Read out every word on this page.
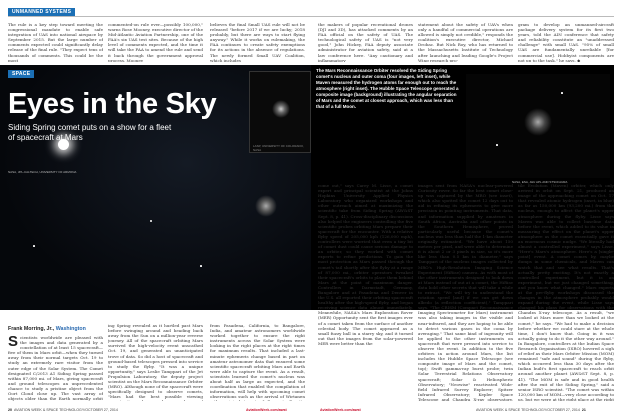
UNMANNED SYSTEMS

The rule is a key step toward meeting the congressional mandate to enable safe integration of UAS into national airspace by September 2015. But the large number of comments expected could significantly delay release of the final rule. "They expect tens of thousands of comments. This could be the most

commented-on rule ever—possibly 100,000," warns Rose Mooney, executive director of the Mid-Atlantic Aviation Partnership, one of the FAA's six UAS test sites. Because of the high level of comments expected, and the time it will take the FAA to amend the rule and send it back through the government approval process, Mooney

believes the final Small UAS rule will not be released "before 2017 if we are lucky; 2018 probably, but there are ways to start flying anyway." While it works on rulemaking, the FAA continues to create safety exemptions for its actions in the absence of regulations. The newly formed Small UAV Coalition, which includes

the makers of popular recreational drones (DJI and 3D), has attacked comments by an FAA official on the safety of UAS. The technological safety of UAS is "not very good," John Hickey, FAA deputy associate administrator for aviation safety, said at a law conference here. "Any cautionary and inflammatory

statement about the safety of UAVs when only a handful of commercial operations are allowed is simply not credible," responds the coalition's executive director, Michael Drobac. But Nick Roy, who has returned to the Massachusetts Institute of Technology after launching and leading Google's Project Wing research pro-

gram to develop an unmanned-aircraft package delivery system for its first two years, told the AIN conference that safety and reliability constitute an "unaddressed challenge" with small UAS. "95% of small UAS are fundamentally unreliable [for commercial use]. Hobbyist components are not up to the task," he says. ◆

SPACE
Eyes in the Sky
Siding Spring comet puts on a show for a fleet of spacecraft at Mars
NASA, JPL-CALTECH, UNIVERSITY OF ARIZONA
The Mars Reconnaissance Orbiter resolved the Siding Spring comet's nucleus and outer coma (four images, left inset), while Maven measured the hydrogen atoms far enough out to reach the atmosphere (right inset). The Hubble Space Telescope generated a composite image (background) illustrating the angular separation of Mars and the comet at closest approach, which was less than that of a full Moon.
LASP, UNIVERSITY OF COLORADO, NASA
NASA, ESA, JHU APL AND STSCI/AURA
Frank Morring, Jr., Washington
S cientists worldwide are pleased with the images and data generated by a constellation of at least 15 spacecraft—five of them in Mars orbit—when they turned away from their normal targets Oct. 19 to study an extremely rare visitor from the outer edge of the Solar System. The Comet designated C/2013 A1 Siding Spring passed within 87,000 mi. of Mars, giving spacecraft and ground telescopes an unprecedented chance to study a pristine object from the Oort Cloud close up. The vast array of objects older than the Earth normally orbit

ing Spring revealed as it hurtled past Mars before swinging around and heading back away from the Sun on a million-year reverse journey. All of the spacecraft orbiting Mars survived the high-velocity event unscathed Oct. 19, and generated an unanticipated trove of data. So did a host of spacecraft and ground-based telescopes pressed into service to study the flyby. "It was a unique opportunity," says Leslie Tamppari of the Jet Propulsion Laboratory, the deputy project scientist on the Mars Reconnaissance Orbiter (MRO). Although none of the spacecraft were specifically designed to observe comets, "Mars had the best possible viewing

from Pasadena, California, to Bangalore, India, and amateur astronomers worldwide worked together to ensure the right instruments across the Solar System were looking in the right places at the right times for maximum results. That included a last-minute ephemeris change based in part on amateur astronomer data that ensured some scientific spacecraft orbiting Mars and Earth were able to capture the event. As a result, scientists learned the comet's nucleus was about half as large as expected, and the coordination that enabled the compilation of information, will help with upcoming comet observations such as the arrival of Wirtanen

come out," says Carey M. Lisse, a comet expert and principal scientist at the Johns Hopkins University Applied Physics Laboratory who organized workshops and other outreach aimed at maximizing the scientific take from Siding Spring (AW&ST Sept. 8, p. 41). Cross-disciplinary discussions also helped the engineers controlling the five scientific probes orbiting Mars prepare their spacecraft for the encounter. With a relative flyby speed of 205,000 kph (126,000 mph), controllers were worried that even a tiny bit of comet dust could cause serious damage to an orbiter, so they worked with comet experts to refine predictions. To gain the most protection as Mars passed through the comet's tail shortly after the flyby at a range of 87,000 mi., orbiter operators tweaked their spacecraft's orbits to place them behind Mars at the point of maximum danger. Controllers in Darmstadt, Germany, Bangalore and at Pasadena and Denver in the U.S. all reported their orbiting spacecraft healthy after the high-speed flyby, and began receiving science data almost immediately. Meanwhile, NASA's Mars Exploration Rover (MER) Opportunity sent the first images ever of a comet taken from the surface of another celestial body. The comet appeared as a small fuzzy ball in a starry sky, and it turned out that the images from the solar-powered MER were better than the

images sent from NASA's nuclear-powered Curiosity rover. So far the best comet close-up was captured by the MRO (see inset), which also spotted the comet 12 days out to aid in refining its ephemeris to give more precision in pointing instruments. That data, and information supplied by amateurs in South Africa, Australia and other points in the Southern Hemisphere, proved particularly useful because the comet's nucleus was less than half the 1-km diameter originally estimated. "We have about 150 meters per pixel, and were able to determine it is about 2 or 3 pixels in size, so it's more like less than 0.5 km in diameter," says Tamppari of the nucleus images collected by MRO's High-Resolution Imaging Science Experiment (HiRise) camera. As with most of the other instruments designed to look down at Mars instead of out at a comet, the HiRise data hold other secrets that will take a while to extract. "We will try to understand the rotation speed [and] if we can get down albedo (a reflection coefficient)," Tamppari says. "The CRISM (Compact Reconnaissance Imaging Spectrometer for Mars) instrument was also taking images in the visible and near-infrared, and they are hoping to be able to detect various gases in the coma by averaging." That same kind of ingenuity will be applied to the other instruments on spacecraft that were pressed into service to observe the event. In addition to the five orbiters in action around Mars, the list includes the Hubble Space Telescope (see composite image of Mars and the comet, top); Swift gamma-ray burst probe; twin Solar Terrestrial Relations Observatory spacecraft; Solar & Heliospheric Observatory; "Neowise" reactivated Wide-field Infrared Survey Explorer; Spitzer Infrared Observatory; Kepler Space Telescope and Chandra X-ray observatory.

tile Evolution (Maven) orbiter, which only arrived in orbit on Sept. 21, produced an image of the approaching comet on Oct. 17 that revealed atomic hydrogen (inset, in blue) as far as 150,000 km (93,200 mi.) from the nucleus, enough to affect the planet's upper atmosphere during the flyby. Lisse says Maven was able to collect baseline data before the event, which added to its value in measuring the effect on the planet's upper atmosphere as the comet essentially gave it an enormous cosmic nudge. "We literally had almost a controlled experiment," says Lisse. "Here's Mars's atmosphere. Here's a [single-point] event. A comet comes by, maybe dumps in some chemicals, and Maven can watch that and see what results. That's actually pretty exciting. It's not exactly a controlled experiment, but it is an experiment, but we just changed something, and you know what changed." Mars experts at the pre-flyby workshops discussed the changes in the atmosphere probably would expand during the event, while Lisse says changed his plans for observations with the Chandra X-ray telescope. As a result, "we looked at Mars more than we looked at the comet," he says. "We had to make a decision before whether we could stare at the whole time, I don't know that. Going in it was actually going to do it the other way around." In Bangalore, controllers at the Indian Space Research Organisation (ISRO) hovered a sigh of relief as their Mars Orbiter Mission (MOM) remained "safe and sound" during the flyby, which occurred less than 30 days after the Indian built's first spacecraft to reach orbit around another planet (AW&ST Sept. 8, p. 41). "The MOM is safe and in good health after the exit of the Siding Spring," said a senior ISRO scientist. "The comet was within 120,000 km of MOM—very close according to us, but we were at the right place at the right

20 AVIATION WEEK & SPACE TECHNOLOGY/OCTOBER 27, 2014	AviationWeek.com/awst	AviationWeek.com/awst	AVIATION WEEK & SPACE TECHNOLOGY/OCTOBER 27, 2014 21
